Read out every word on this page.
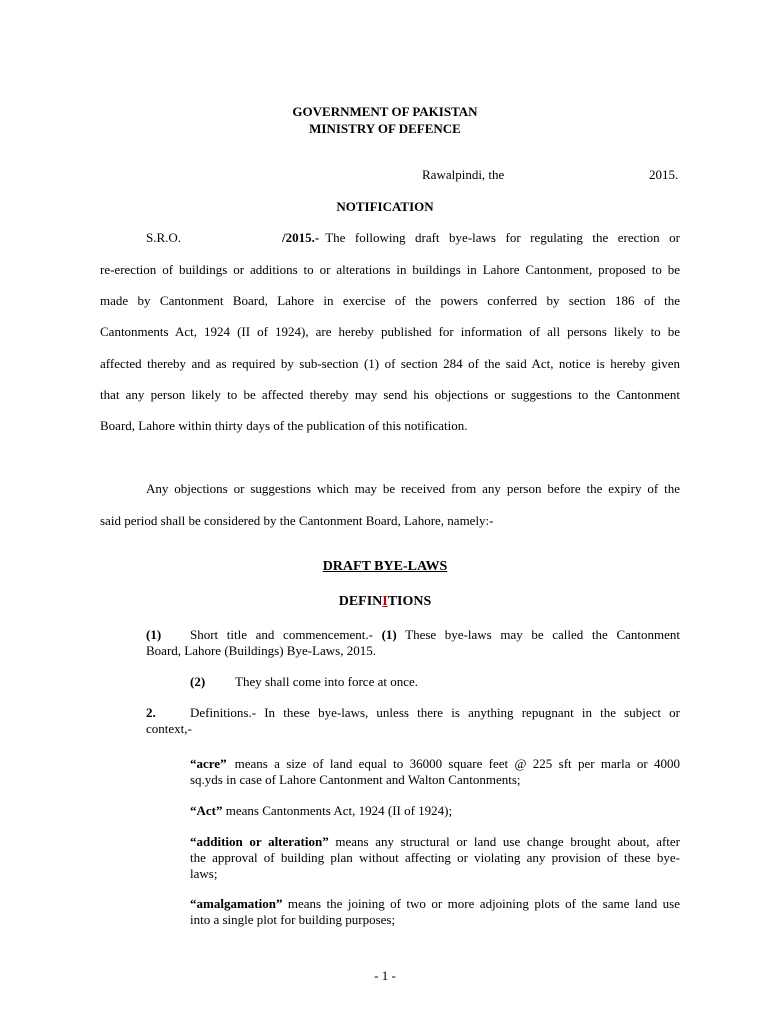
GOVERNMENT OF PAKISTAN
MINISTRY OF DEFENCE
Rawalpindi, the	2015.
NOTIFICATION
S.R.O.	/2015.- The following draft bye-laws for regulating the erection or
re-erection of buildings or additions to or alterations in buildings in Lahore Cantonment, proposed to be
made by Cantonment Board, Lahore in exercise of the powers conferred by section 186 of the
Cantonments Act, 1924 (II of 1924), are hereby published for information of all persons likely to be
affected thereby and as required by sub-section (1) of section 284 of the said Act, notice is hereby given
that any person likely to be affected thereby may send his objections or suggestions to the Cantonment
Board, Lahore within thirty days of the publication of this notification.
Any objections or suggestions which may be received from any person before the expiry of the
said period shall be considered by the Cantonment Board, Lahore, namely:-
DRAFT BYE-LAWS
DEFINITIONS
(1) Short title and commencement.- (1) These bye-laws may be called the Cantonment
Board, Lahore (Buildings) Bye-Laws, 2015.
(2) They shall come into force at once.
2.	Definitions.- In these bye-laws, unless there is anything repugnant in the subject or
context,-
“acre” means a size of land equal to 36000 square feet @ 225 sft per marla or 4000
sq.yds in case of Lahore Cantonment and Walton Cantonments;
“Act” means Cantonments Act, 1924 (II of 1924);
“addition or alteration” means any structural or land use change brought about, after
the approval of building plan without affecting or violating any provision of these bye-
laws;
“amalgamation” means the joining of two or more adjoining plots of the same land use
into a single plot for building purposes;
- 1 -
